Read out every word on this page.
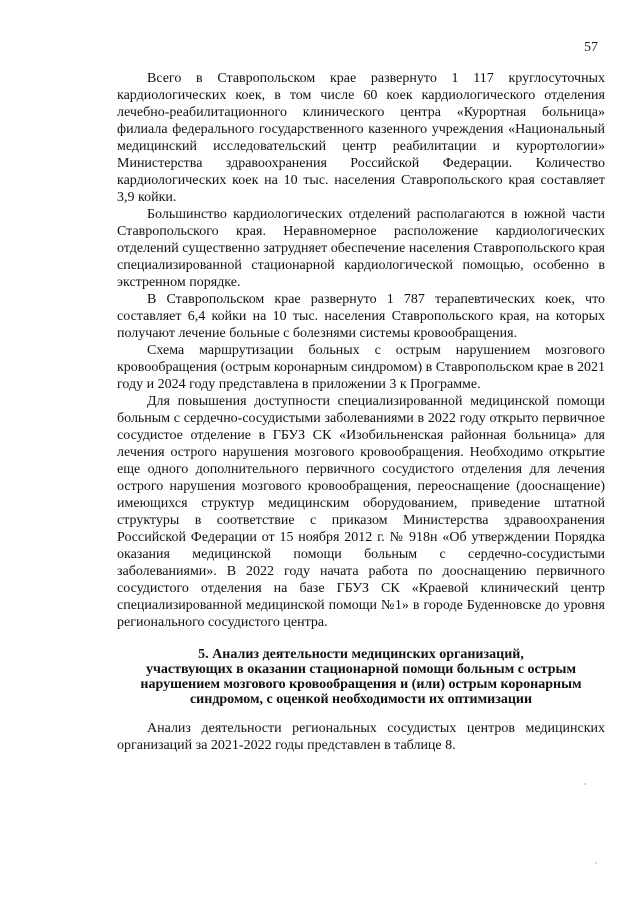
57

Всего в Ставропольском крае развернуто 1 117 круглосуточных кардиологических коек, в том числе 60 коек кардиологического отделения лечебно-реабилитационного клинического центра «Курортная больница» филиала федерального государственного казенного учреждения «Национальный медицинский исследовательский центр реабилитации и курортологии» Министерства здравоохранения Российской Федерации. Количество кардиологических коек на 10 тыс. населения Ставропольского края составляет 3,9 койки.

Большинство кардиологических отделений располагаются в южной части Ставропольского края. Неравномерное расположение кардиологических отделений существенно затрудняет обеспечение населения Ставропольского края специализированной стационарной кардиологической помощью, особенно в экстренном порядке.

В Ставропольском крае развернуто 1 787 терапевтических коек, что составляет 6,4 койки на 10 тыс. населения Ставропольского края, на которых получают лечение больные с болезнями системы кровообращения.

Схема маршрутизации больных с острым нарушением мозгового кровообращения (острым коронарным синдромом) в Ставропольском крае в 2021 году и 2024 году представлена в приложении 3 к Программе.

Для повышения доступности специализированной медицинской помощи больным с сердечно-сосудистыми заболеваниями в 2022 году открыто первичное сосудистое отделение в ГБУЗ СК «Изобильненская районная больница» для лечения острого нарушения мозгового кровообращения. Необходимо открытие еще одного дополнительного первичного сосудистого отделения для лечения острого нарушения мозгового кровообращения, переоснащение (дооснащение) имеющихся структур медицинским оборудованием, приведение штатной структуры в соответствие с приказом Министерства здравоохранения Российской Федерации от 15 ноября 2012 г. № 918н «Об утверждении Порядка оказания медицинской помощи больным с сердечно-сосудистыми заболеваниями». В 2022 году начата работа по дооснащению первичного сосудистого отделения на базе ГБУЗ СК «Краевой клинический центр специализированной медицинской помощи №1» в городе Буденновске до уровня регионального сосудистого центра.

5. Анализ деятельности медицинских организаций,
участвующих в оказании стационарной помощи больным с острым
нарушением мозгового кровообращения и (или) острым коронарным
синдромом, с оценкой необходимости их оптимизации

Анализ деятельности региональных сосудистых центров медицинских организаций за 2021-2022 годы представлен в таблице 8.
